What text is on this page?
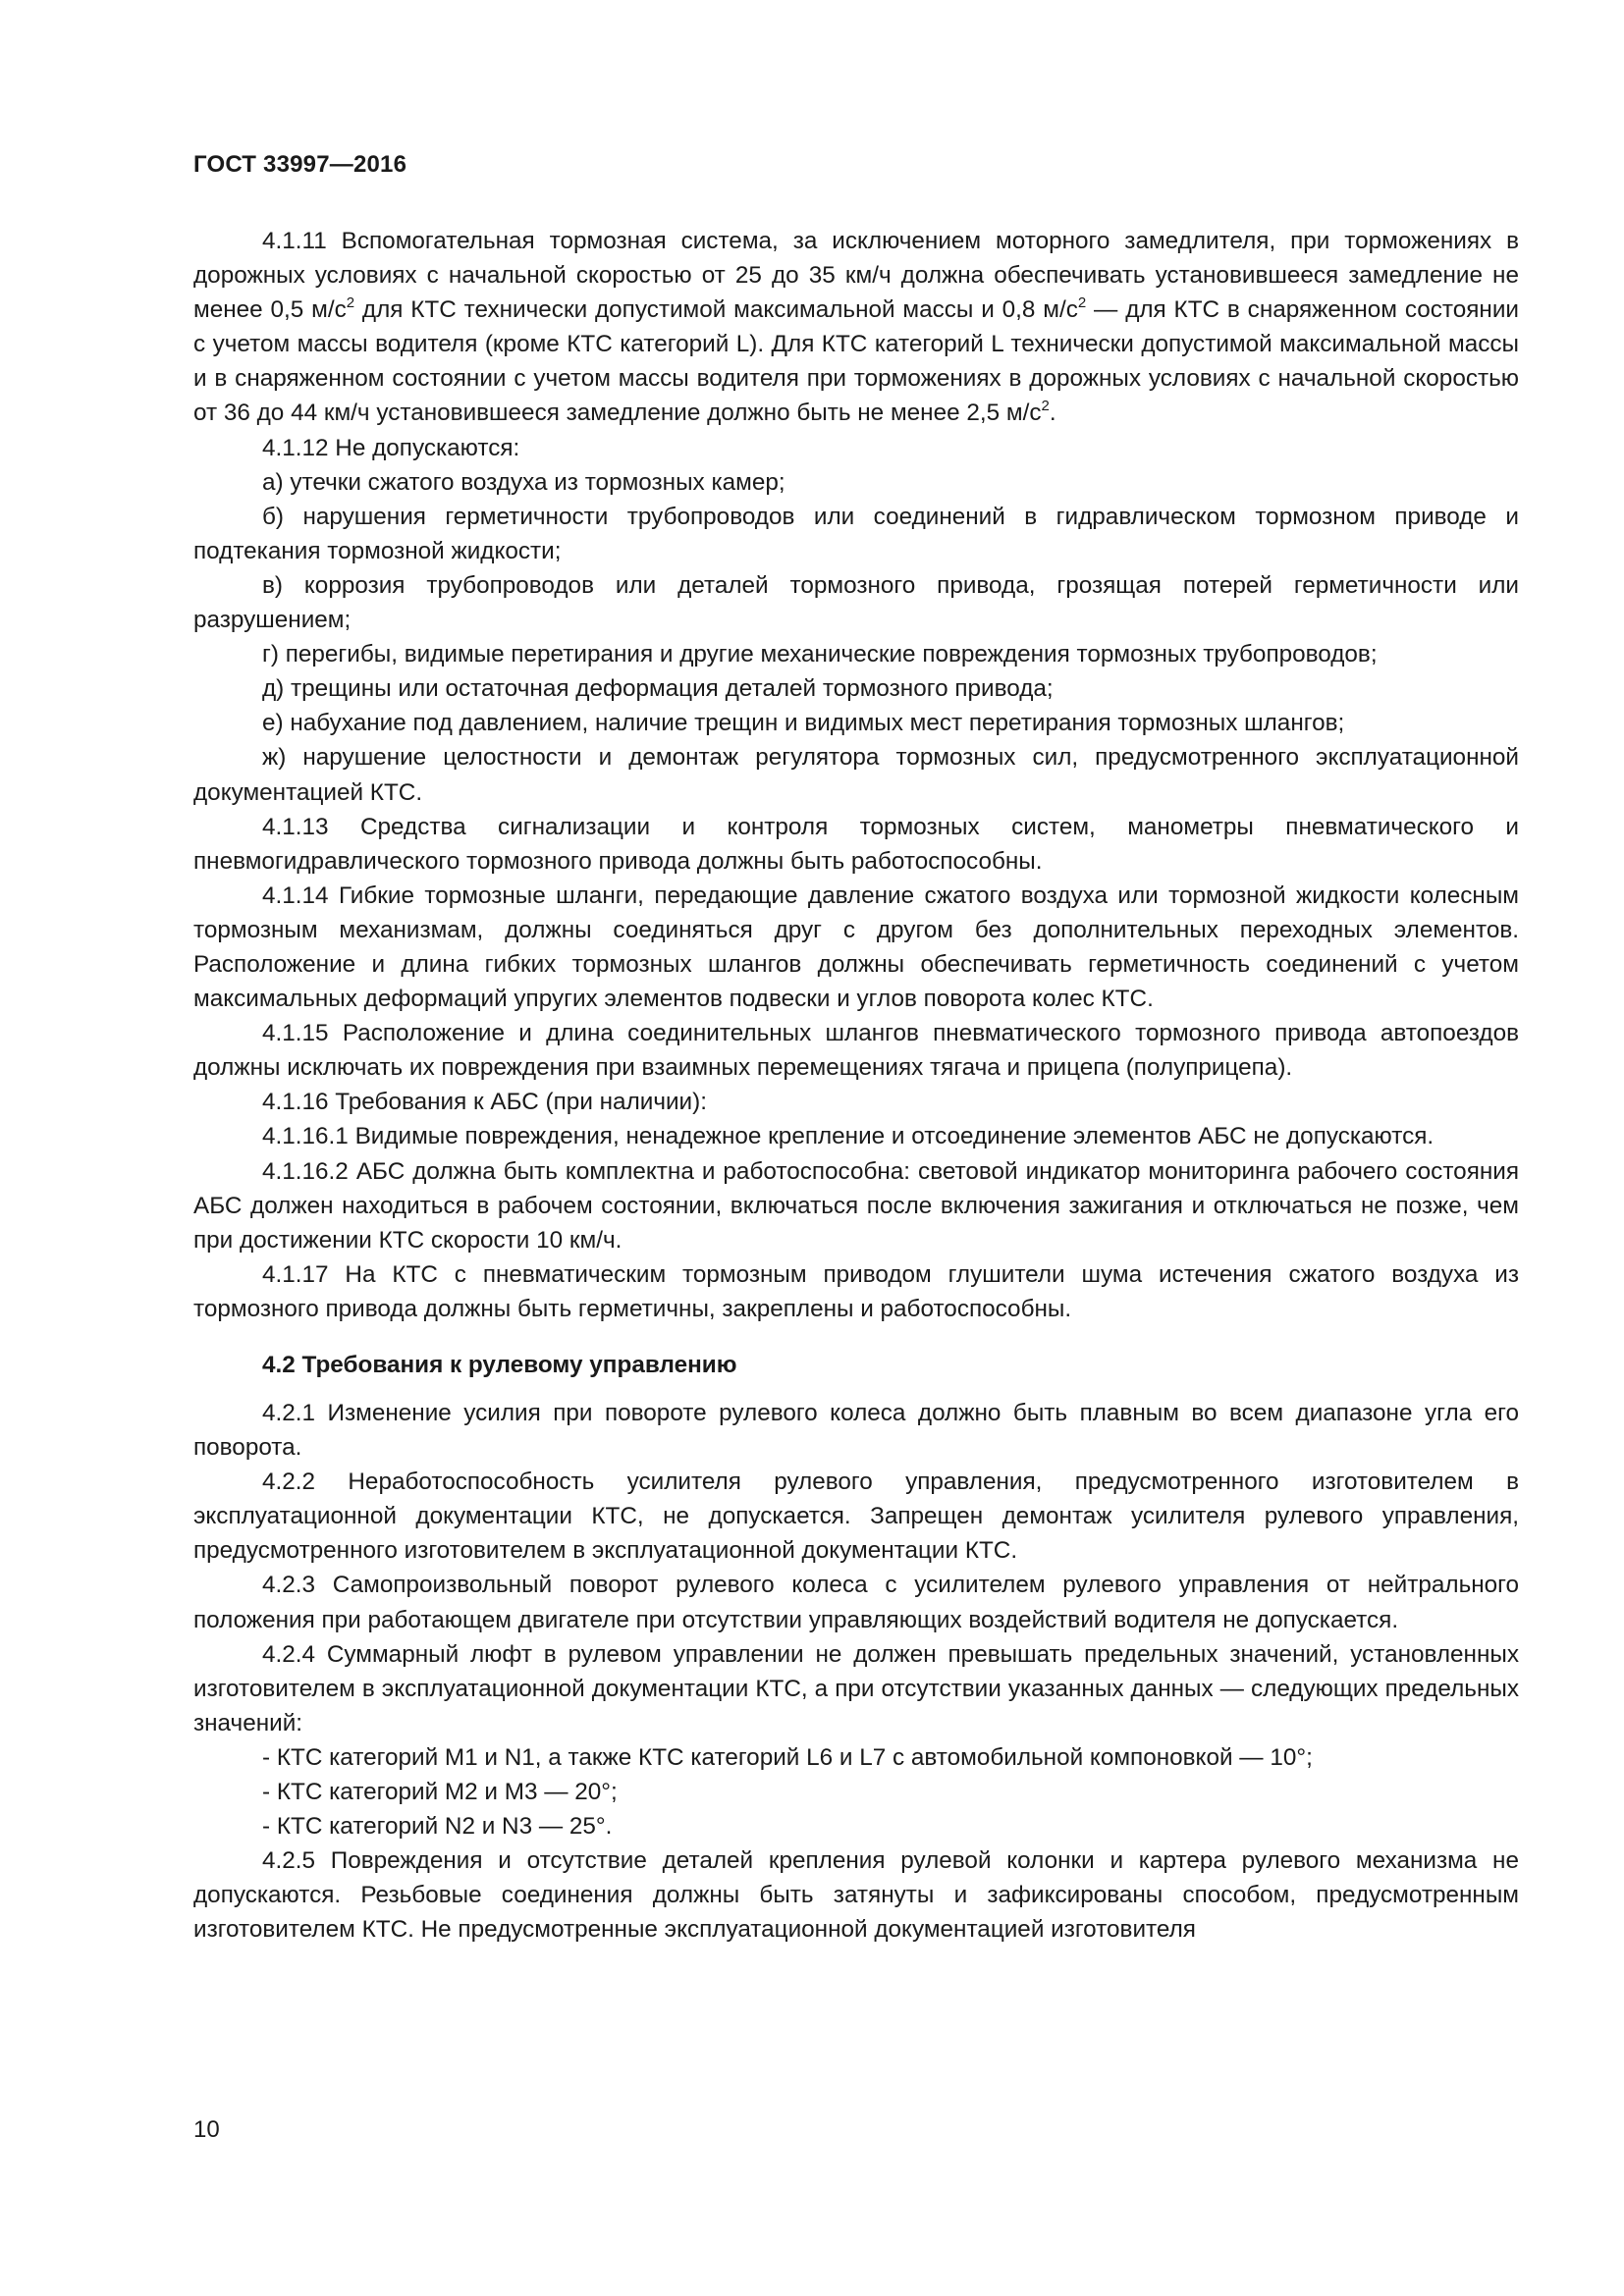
ГОСТ 33997—2016

4.1.11 Вспомогательная тормозная система, за исключением моторного замедлителя, при торможениях в дорожных условиях с начальной скоростью от 25 до 35 км/ч должна обеспечивать установившееся замедление не менее 0,5 $м/с^2$ для КТС технически допустимой максимальной массы и 0,8 $м/с^2$ — для КТС в снаряженном состоянии с учетом массы водителя (кроме КТС категорий L). Для КТС категорий L технически допустимой максимальной массы и в снаряженном состоянии с учетом массы водителя при торможениях в дорожных условиях с начальной скоростью от 36 до 44 км/ч установившееся замедление должно быть не менее 2,5 $м/с^2$.

4.1.12 Не допускаются:

а) утечки сжатого воздуха из тормозных камер;

б) нарушения герметичности трубопроводов или соединений в гидравлическом тормозном приводе и подтекания тормозной жидкости;

в) коррозия трубопроводов или деталей тормозного привода, грозящая потерей герметичности или разрушением;

г) перегибы, видимые перетирания и другие механические повреждения тормозных трубопроводов;

д) трещины или остаточная деформация деталей тормозного привода;

е) набухание под давлением, наличие трещин и видимых мест перетирания тормозных шлангов;

ж) нарушение целостности и демонтаж регулятора тормозных сил, предусмотренного эксплуатационной документацией КТС.

4.1.13 Средства сигнализации и контроля тормозных систем, манометры пневматического и пневмогидравлического тормозного привода должны быть работоспособны.

4.1.14 Гибкие тормозные шланги, передающие давление сжатого воздуха или тормозной жидкости колесным тормозным механизмам, должны соединяться друг с другом без дополнительных переходных элементов. Расположение и длина гибких тормозных шлангов должны обеспечивать герметичность соединений с учетом максимальных деформаций упругих элементов подвески и углов поворота колес КТС.

4.1.15 Расположение и длина соединительных шлангов пневматического тормозного привода автопоездов должны исключать их повреждения при взаимных перемещениях тягача и прицепа (полуприцепа).

4.1.16 Требования к АБС (при наличии):

4.1.16.1 Видимые повреждения, ненадежное крепление и отсоединение элементов АБС не допускаются.

4.1.16.2 АБС должна быть комплектна и работоспособна: световой индикатор мониторинга рабочего состояния АБС должен находиться в рабочем состоянии, включаться после включения зажигания и отключаться не позже, чем при достижении КТС скорости 10 км/ч.

4.1.17 На КТС с пневматическим тормозным приводом глушители шума истечения сжатого воздуха из тормозного привода должны быть герметичны, закреплены и работоспособны.

4.2 Требования к рулевому управлению

4.2.1 Изменение усилия при повороте рулевого колеса должно быть плавным во всем диапазоне угла его поворота.

4.2.2 Неработоспособность усилителя рулевого управления, предусмотренного изготовителем в эксплуатационной документации КТС, не допускается. Запрещен демонтаж усилителя рулевого управления, предусмотренного изготовителем в эксплуатационной документации КТС.

4.2.3 Самопроизвольный поворот рулевого колеса с усилителем рулевого управления от нейтрального положения при работающем двигателе при отсутствии управляющих воздействий водителя не допускается.

4.2.4 Суммарный люфт в рулевом управлении не должен превышать предельных значений, установленных изготовителем в эксплуатационной документации КТС, а при отсутствии указанных данных — следующих предельных значений:

- КТС категорий M1 и N1, а также КТС категорий L6 и L7 с автомобильной компоновкой — 10°;

- КТС категорий M2 и M3 — 20°;

- КТС категорий N2 и N3 — 25°.

4.2.5 Повреждения и отсутствие деталей крепления рулевой колонки и картера рулевого механизма не допускаются. Резьбовые соединения должны быть затянуты и зафиксированы способом, предусмотренным изготовителем КТС. Не предусмотренные эксплуатационной документацией изготовителя

10
